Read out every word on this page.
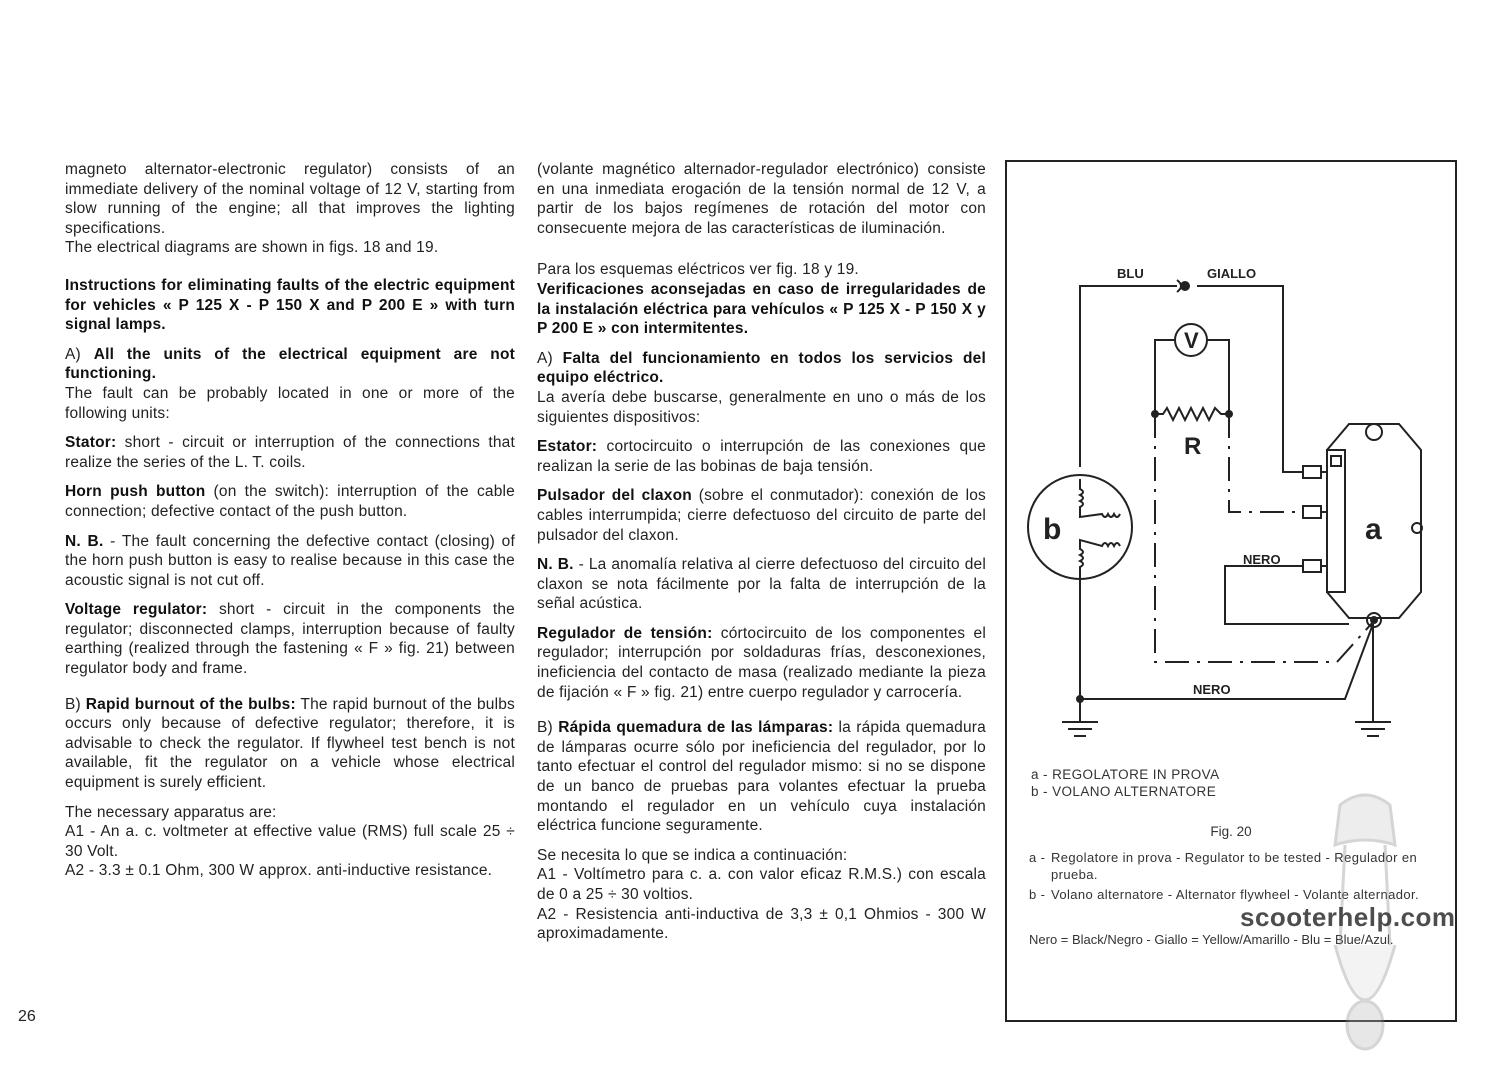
magneto alternator-electronic regulator) consists of an immediate delivery of the nominal voltage of 12 V, starting from slow running of the engine; all that improves the lighting specifications.

The electrical diagrams are shown in figs. 18 and 19.

Instructions for eliminating faults of the electric equipment for vehicles « P 125 X - P 150 X and P 200 E » with turn signal lamps.

A) All the units of the electrical equipment are not functioning.

The fault can be probably located in one or more of the following units:

Stator: short - circuit or interruption of the connections that realize the series of the L. T. coils.

Horn push button (on the switch): interruption of the cable connection; defective contact of the push button.

N. B. - The fault concerning the defective contact (closing) of the horn push button is easy to realise because in this case the acoustic signal is not cut off.

Voltage regulator: short - circuit in the components the regulator; disconnected clamps, interruption because of faulty earthing (realized through the fastening « F » fig. 21) between regulator body and frame.

B) Rapid burnout of the bulbs: The rapid burnout of the bulbs occurs only because of defective regulator; therefore, it is advisable to check the regulator. If flywheel test bench is not available, fit the regulator on a vehicle whose electrical equipment is surely efficient.

The necessary apparatus are:

A1 - An a. c. voltmeter at effective value (RMS) full scale 25 ÷ 30 Volt.

A2 - 3.3 ± 0.1 Ohm, 300 W approx. anti-inductive resistance.

(volante magnético alternador-regulador electrónico) consiste en una inmediata erogación de la tensión normal de 12 V, a partir de los bajos regímenes de rotación del motor con consecuente mejora de las características de iluminación.

Para los esquemas eléctricos ver fig. 18 y 19.

Verificaciones aconsejadas en caso de irregularidades de la instalación eléctrica para vehículos « P 125 X - P 150 X y P 200 E » con intermitentes.

A) Falta del funcionamiento en todos los servicios del equipo eléctrico.

La avería debe buscarse, generalmente en uno o más de los siguientes dispositivos:

Estator: cortocircuito o interrupción de las conexiones que realizan la serie de las bobinas de baja tensión.

Pulsador del claxon (sobre el conmutador): conexión de los cables interrumpida; cierre defectuoso del circuito de parte del pulsador del claxon.

N. B. - La anomalía relativa al cierre defectuoso del circuito del claxon se nota fácilmente por la falta de interrupción de la señal acústica.

Regulador de tensión: córtocircuito de los componentes el regulador; interrupción por soldaduras frías, desconexiones, ineficiencia del contacto de masa (realizado mediante la pieza de fijación « F » fig. 21) entre cuerpo regulador y carrocería.

B) Rápida quemadura de las lámparas: la rápida quemadura de lámparas ocurre sólo por ineficiencia del regulador, por lo tanto efectuar el control del regulador mismo: si no se dispone de un banco de pruebas para volantes efectuar la prueba montando el regulador en un vehículo cuya instalación eléctrica funcione seguramente.

Se necesita lo que se indica a continuación:

A1 - Voltímetro para c. a. con valor eficaz R.M.S.) con escala de 0 a 25 ÷ 30 voltios.

A2 - Resistencia anti-inductiva de 3,3 ± 0,1 Ohmios - 300 W aproximadamente.

26
BLU	GIALLO
NERO
NERO
V
R
b	a
a - REGOLATORE IN PROVA
b - VOLANO ALTERNATORE
Fig. 20
a - Regolatore in prova - Regulator to be tested - Regulador en prueba.
b - Volano alternatore - Alternator flywheel - Volante alternador.
Nero = Black/Negro - Giallo = Yellow/Amarillo - Blu = Blue/Azul.
scooterhelp.com
